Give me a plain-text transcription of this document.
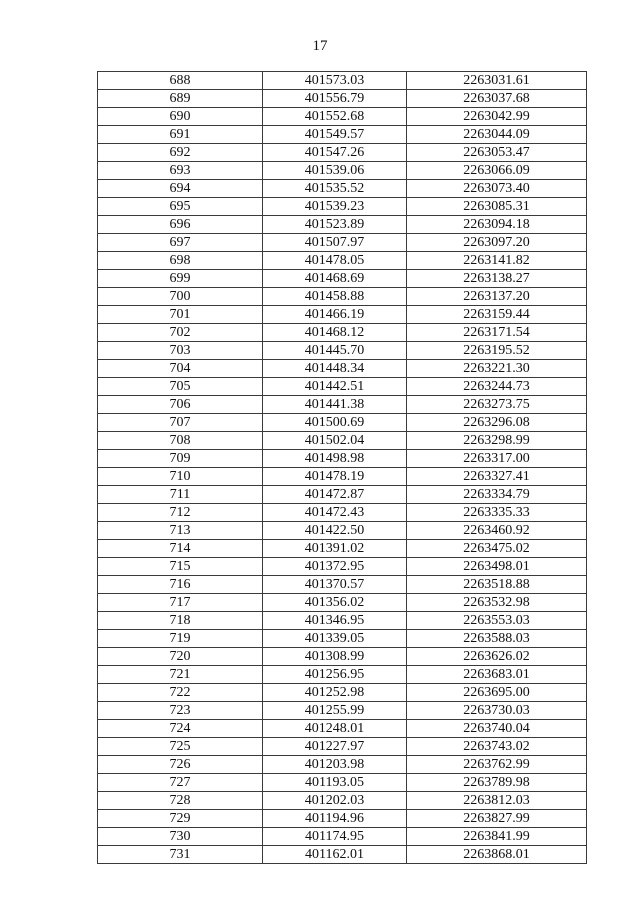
17
688	401573.03	2263031.61
689	401556.79	2263037.68
690	401552.68	2263042.99
691	401549.57	2263044.09
692	401547.26	2263053.47
693	401539.06	2263066.09
694	401535.52	2263073.40
695	401539.23	2263085.31
696	401523.89	2263094.18
697	401507.97	2263097.20
698	401478.05	2263141.82
699	401468.69	2263138.27
700	401458.88	2263137.20
701	401466.19	2263159.44
702	401468.12	2263171.54
703	401445.70	2263195.52
704	401448.34	2263221.30
705	401442.51	2263244.73
706	401441.38	2263273.75
707	401500.69	2263296.08
708	401502.04	2263298.99
709	401498.98	2263317.00
710	401478.19	2263327.41
711	401472.87	2263334.79
712	401472.43	2263335.33
713	401422.50	2263460.92
714	401391.02	2263475.02
715	401372.95	2263498.01
716	401370.57	2263518.88
717	401356.02	2263532.98
718	401346.95	2263553.03
719	401339.05	2263588.03
720	401308.99	2263626.02
721	401256.95	2263683.01
722	401252.98	2263695.00
723	401255.99	2263730.03
724	401248.01	2263740.04
725	401227.97	2263743.02
726	401203.98	2263762.99
727	401193.05	2263789.98
728	401202.03	2263812.03
729	401194.96	2263827.99
730	401174.95	2263841.99
731	401162.01	2263868.01
